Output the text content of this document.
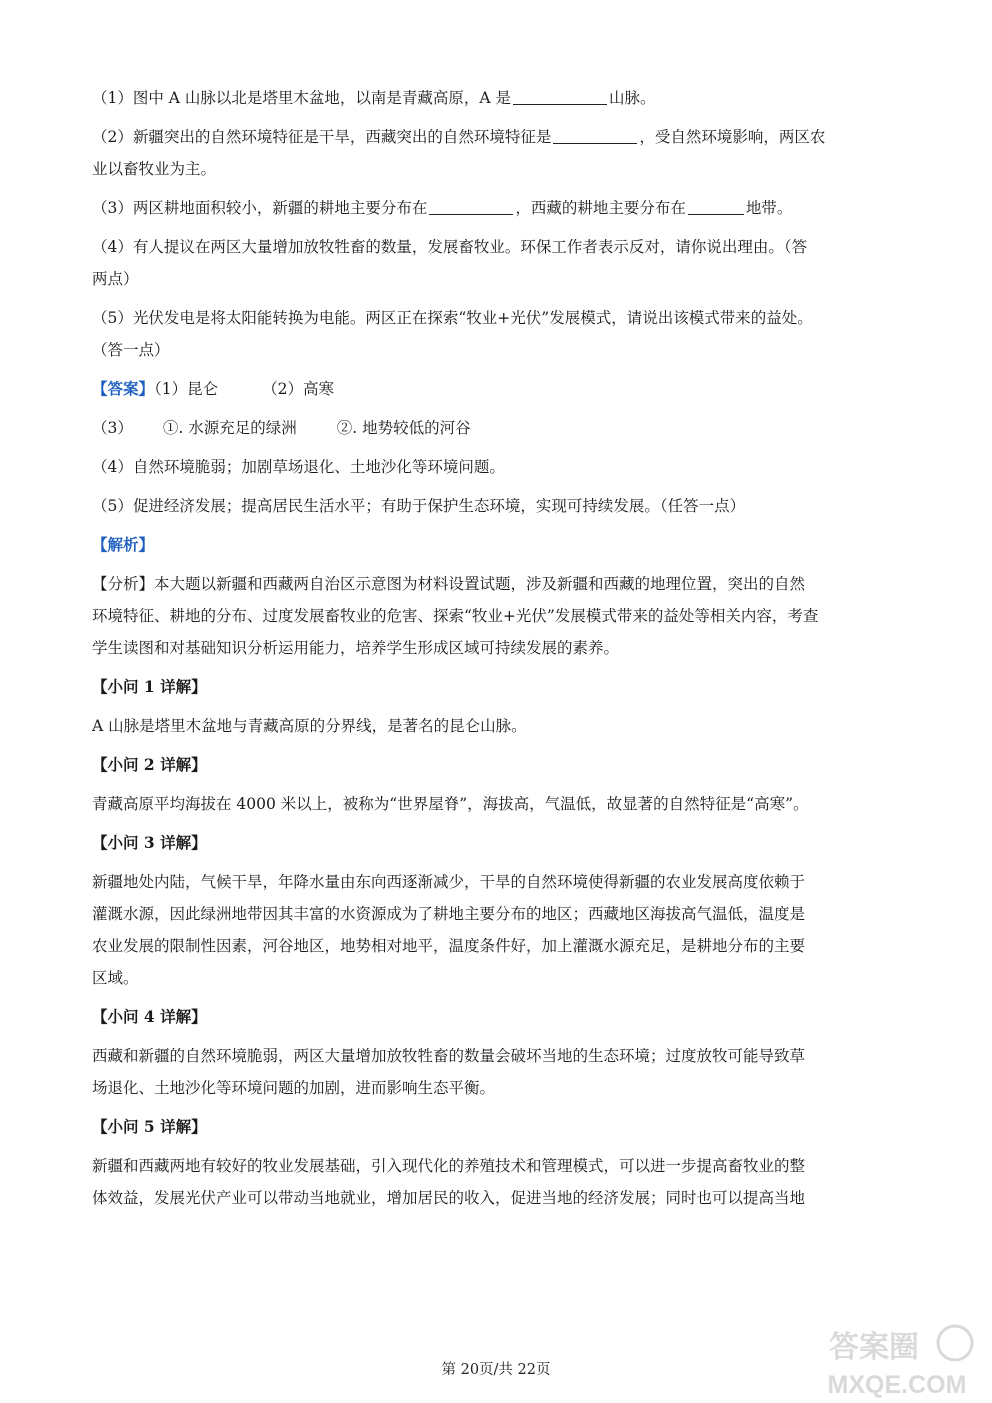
（1）图中 A 山脉以北是塔里木盆地，以南是青藏高原，A 是	山脉。
（2）新疆突出的自然环境特征是干旱，西藏突出的自然环境特征是	，受自然环境影响，两区农
业以畜牧业为主。
（3）两区耕地面积较小，新疆的耕地主要分布在	，西藏的耕地主要分布在	地带。
（4）有人提议在两区大量增加放牧牲畜的数量，发展畜牧业。环保工作者表示反对，请你说出理由。（答
两点）
（5）光伏发电是将太阳能转换为电能。两区正在探索“牧业+光伏”发展模式，请说出该模式带来的益处。
（答一点）
【答案】（1）昆仑	（2）高寒
（3） ①. 水源充足的绿洲	②. 地势较低的河谷
（4）自然环境脆弱；加剧草场退化、土地沙化等环境问题。
（5）促进经济发展；提高居民生活水平；有助于保护生态环境，实现可持续发展。（任答一点）
【解析】
【分析】本大题以新疆和西藏两自治区示意图为材料设置试题，涉及新疆和西藏的地理位置，突出的自然
环境特征、耕地的分布、过度发展畜牧业的危害、探索“牧业+光伏”发展模式带来的益处等相关内容，考查
学生读图和对基础知识分析运用能力，培养学生形成区域可持续发展的素养。
【小问 1 详解】
A 山脉是塔里木盆地与青藏高原的分界线，是著名的昆仑山脉。
【小问 2 详解】
青藏高原平均海拔在 4000 米以上，被称为“世界屋脊”，海拔高，气温低，故显著的自然特征是“高寒”。
【小问 3 详解】
新疆地处内陆，气候干旱，年降水量由东向西逐渐减少，干旱的自然环境使得新疆的农业发展高度依赖于
灌溉水源，因此绿洲地带因其丰富的水资源成为了耕地主要分布的地区；西藏地区海拔高气温低，温度是
农业发展的限制性因素，河谷地区，地势相对地平，温度条件好，加上灌溉水源充足，是耕地分布的主要
区域。
【小问 4 详解】
西藏和新疆的自然环境脆弱，两区大量增加放牧牲畜的数量会破坏当地的生态环境；过度放牧可能导致草
场退化、土地沙化等环境问题的加剧，进而影响生态平衡。
【小问 5 详解】
新疆和西藏两地有较好的牧业发展基础，引入现代化的养殖技术和管理模式，可以进一步提高畜牧业的整
体效益，发展光伏产业可以带动当地就业，增加居民的收入，促进当地的经济发展；同时也可以提高当地
第 20页/共 22页
答案圈
MXQE.COM
